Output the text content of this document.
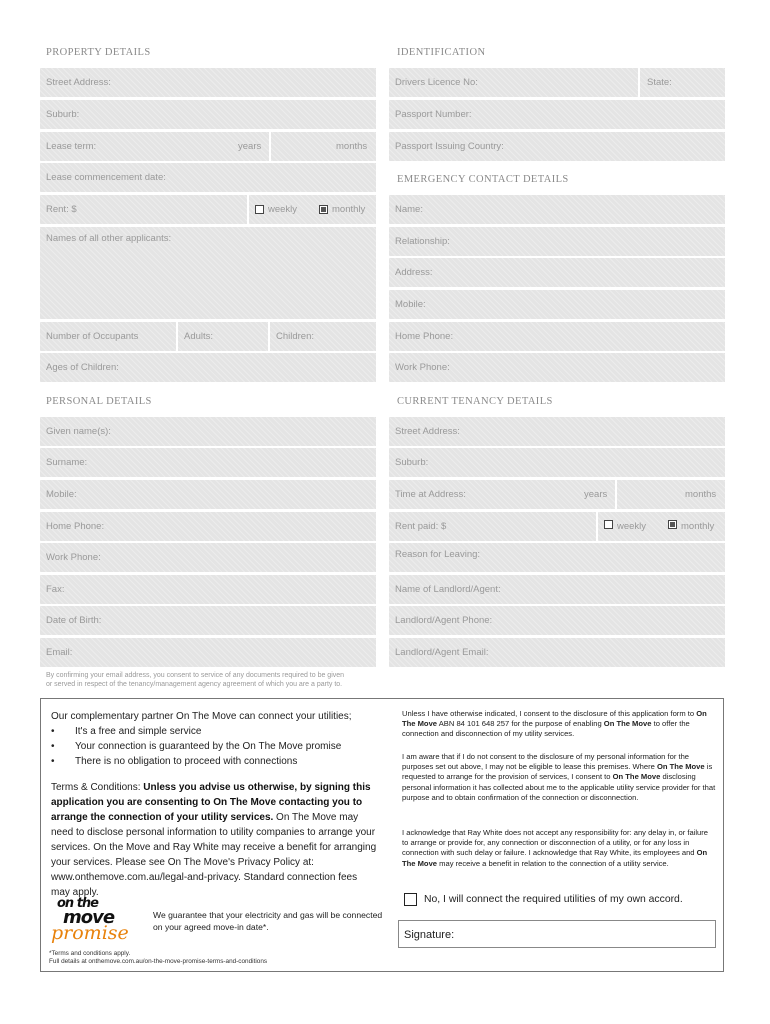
PROPERTY DETAILS	IDENTIFICATION
EMERGENCY CONTACT DETAILS
PERSONAL DETAILS	CURRENT TENANCY DETAILS
Street Address:
Suburb:
Lease term:	years	months
Lease commencement date:
Rent: $	weekly	monthly
Names of all other applicants:
Number of Occupants	Adults:	Children:
Ages of Children:
Drivers Licence No:	State:
Passport Number:
Passport Issuing Country:
Name:
Relationship:
Address:
Mobile:
Home Phone:
Work Phone:
Given name(s):
Surname:
Mobile:
Home Phone:
Work Phone:
Fax:
Date of Birth:
Email:
By confirming your email address, you consent to service of any documents required to be given
or served in respect of the tenancy/management agency agreement of which you are a party to.
Street Address:
Suburb:
Time at Address:	years	months
Rent paid: $	weekly	monthly
Reason for Leaving:
Name of Landlord/Agent:
Landlord/Agent Phone:
Landlord/Agent Email:
Our complementary partner On The Move can connect your utilities;
• It's a free and simple service
• Your connection is guaranteed by the On The Move promise
• There is no obligation to proceed with connections
Terms & Conditions: Unless you advise us otherwise, by signing this application you are consenting to On The Move contacting you to arrange the connection of your utility services. On The Move may need to disclose personal information to utility companies to arrange your services. On the Move and Ray White may receive a benefit for arranging your services. Please see On The Move's Privacy Policy at: www.onthemove.com.au/legal-and-privacy. Standard connection fees may apply.
on the
move
promise
We guarantee that your electricity and gas will be connected on your agreed move-in date*.
*Terms and conditions apply.
Full details at onthemove.com.au/on-the-move-promise-terms-and-conditions
Unless I have otherwise indicated, I consent to the disclosure of this application form to On The Move ABN 84 101 648 257 for the purpose of enabling On The Move to offer the connection and disconnection of my utility services.
I am aware that if I do not consent to the disclosure of my personal information for the purposes set out above, I may not be eligible to lease this premises. Where On The Move is requested to arrange for the provision of services, I consent to On The Move disclosing personal information it has collected about me to the applicable utility service provider for that purpose and to obtain confirmation of the connection or disconnection.
I acknowledge that Ray White does not accept any responsibility for: any delay in, or failure to arrange or provide for, any connection or disconnection of a utility, or for any loss in connection with such delay or failure. I acknowledge that Ray White, its employees and On The Move may receive a benefit in relation to the connection of a utility service.
No, I will connect the required utilities of my own accord.
Signature:
